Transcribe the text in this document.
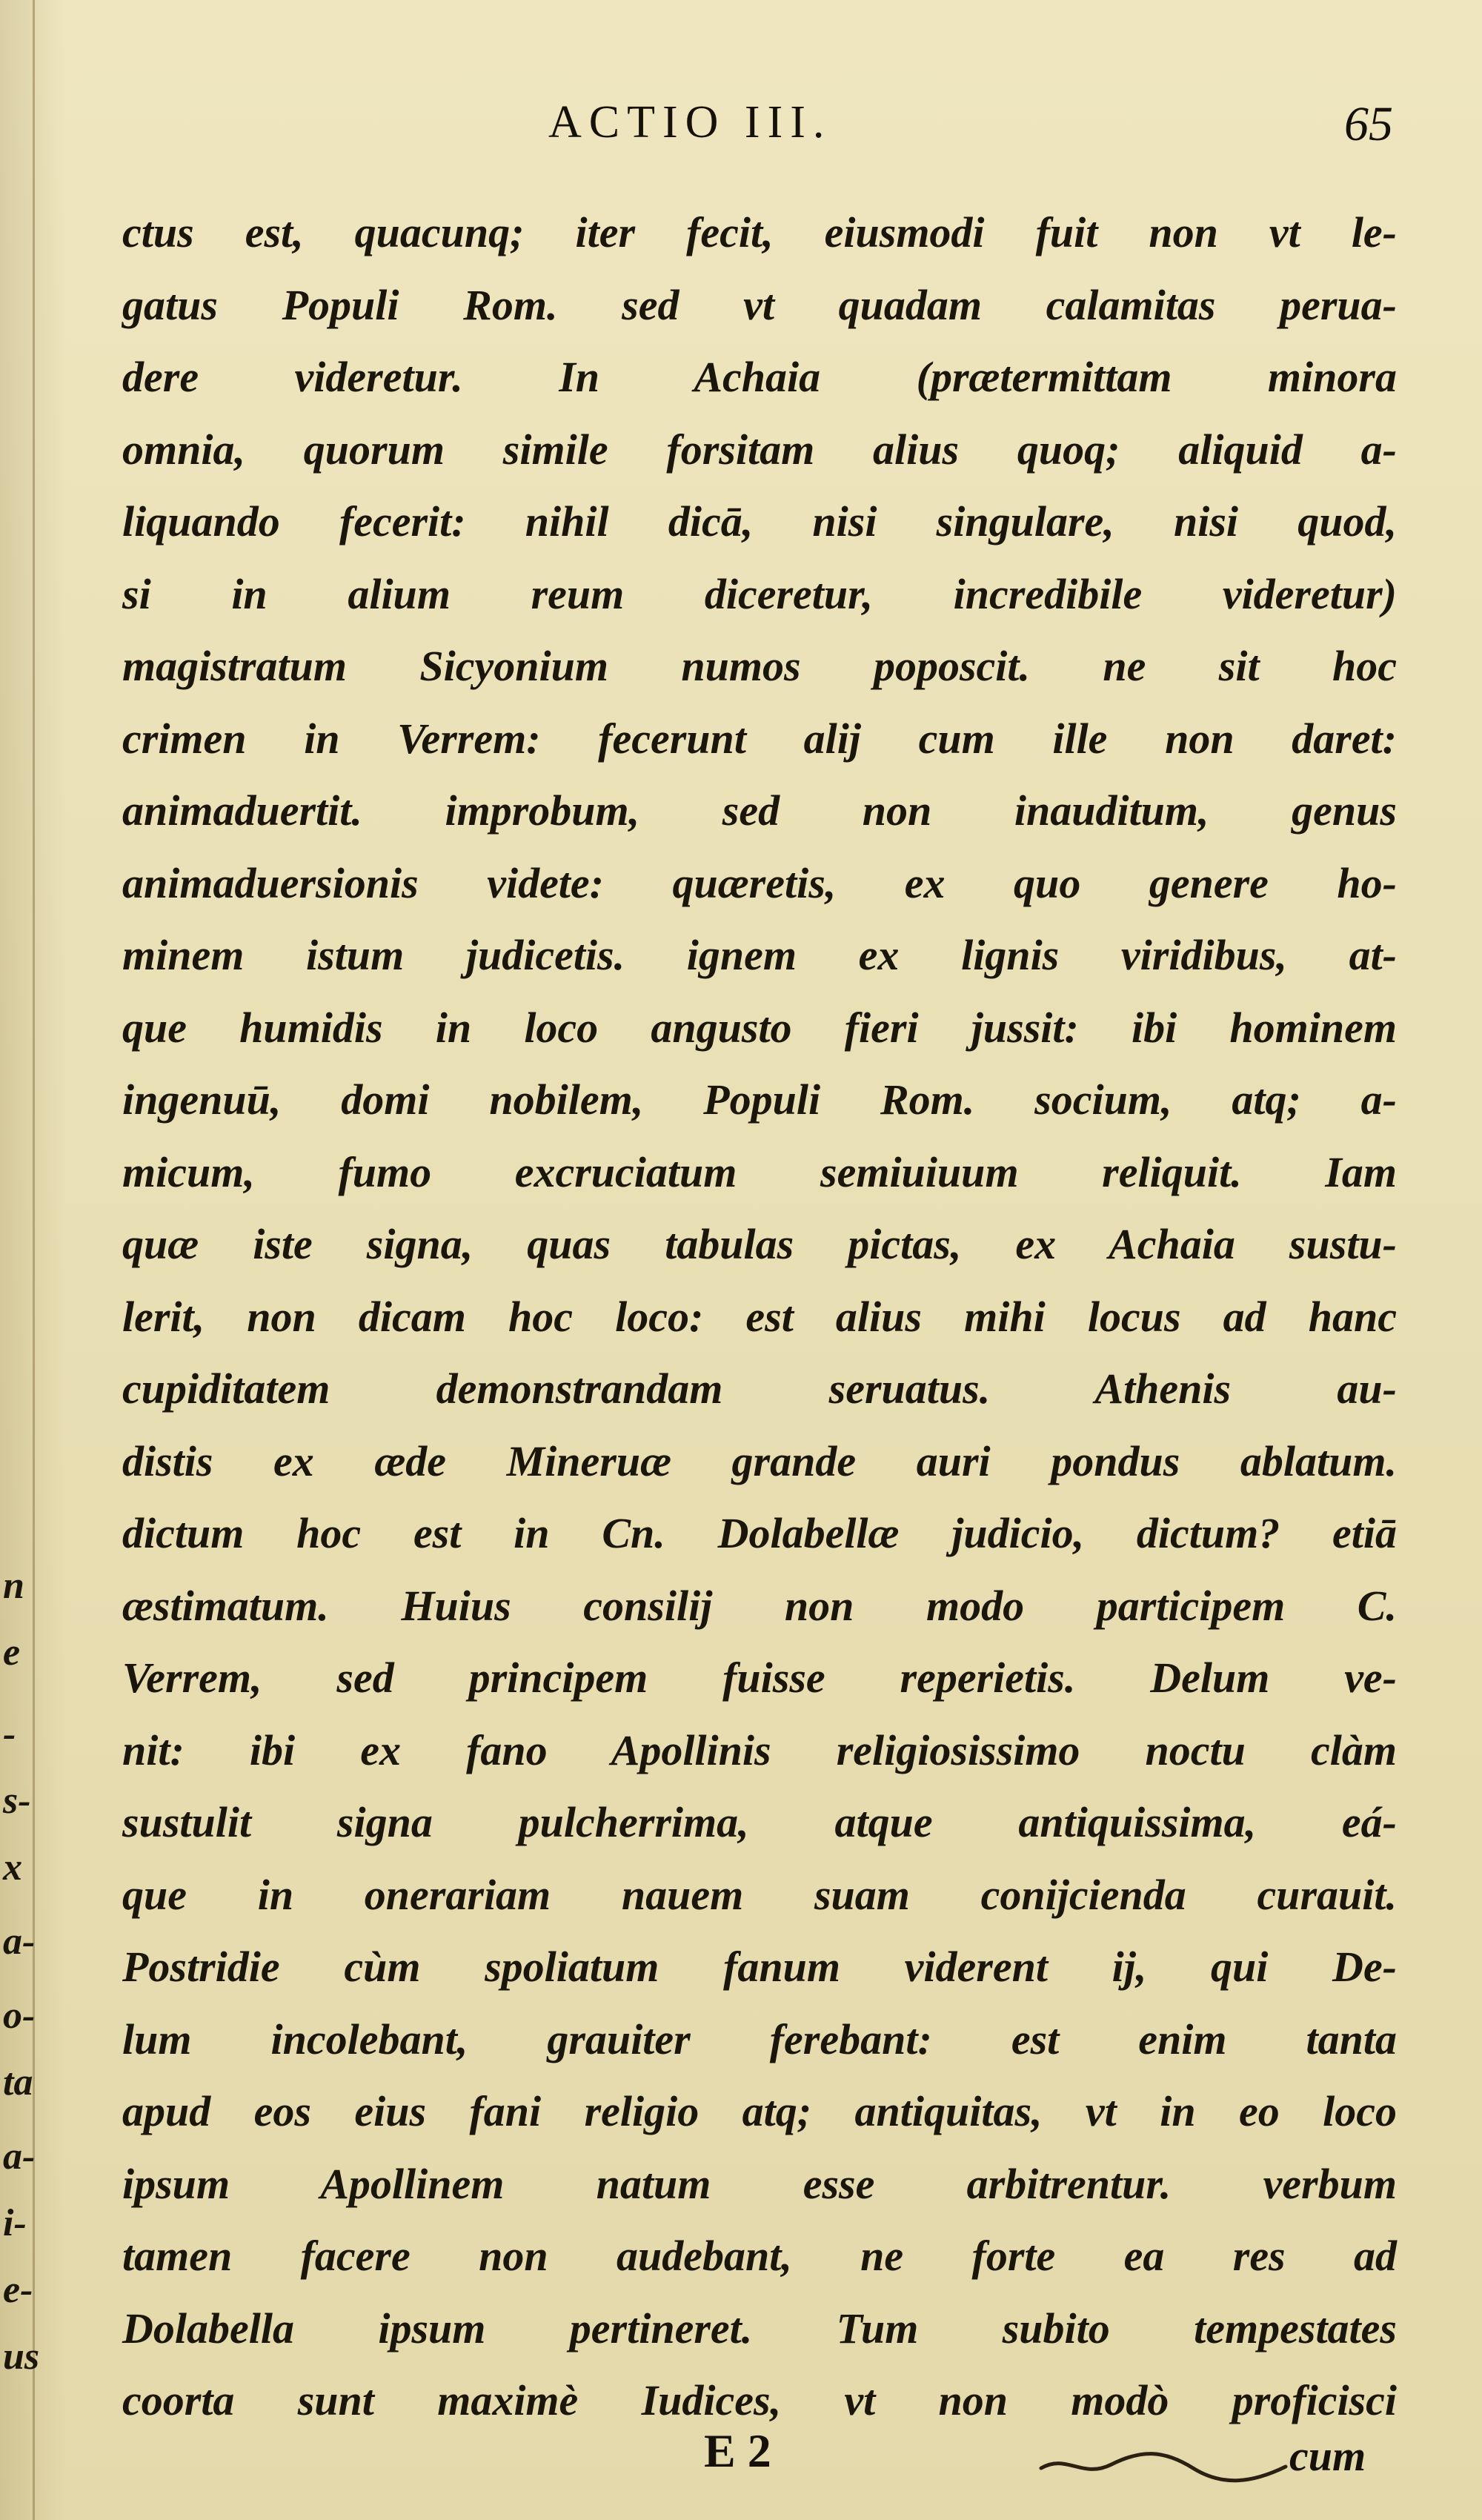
ACTIO III.	65
ctus est, quacunq; iter fecit, eiusmodi fuit non vt le-
gatus Populi Rom. sed vt quadam calamitas perua-
dere videretur. In Achaia (prætermittam minora
omnia, quorum simile forsitam alius quoq; aliquid a-
liquando fecerit: nihil dicā, nisi singulare, nisi quod,
si in alium reum diceretur, incredibile videretur)
magistratum Sicyonium numos poposcit. ne sit hoc
crimen in Verrem: fecerunt alij cum ille non daret:
animaduertit. improbum, sed non inauditum, genus
animaduersionis videte: quæretis, ex quo genere ho-
minem istum judicetis. ignem ex lignis viridibus, at-
que humidis in loco angusto fieri jussit: ibi hominem
ingenuū, domi nobilem, Populi Rom. socium, atq; a-
micum, fumo excruciatum semiuiuum reliquit. Iam
quæ iste signa, quas tabulas pictas, ex Achaia sustu-
lerit, non dicam hoc loco: est alius mihi locus ad hanc
cupiditatem demonstrandam seruatus. Athenis au-
distis ex æde Mineruæ grande auri pondus ablatum.
dictum hoc est in Cn. Dolabellæ judicio, dictum? etiā
æstimatum. Huius consilij non modo participem C.
Verrem, sed principem fuisse reperietis. Delum ve-
nit: ibi ex fano Apollinis religiosissimo noctu clàm
sustulit signa pulcherrima, atque antiquissima, eá-
que in onerariam nauem suam conijcienda curauit.
Postridie cùm spoliatum fanum viderent ij, qui De-
lum incolebant, grauiter ferebant: est enim tanta
apud eos eius fani religio atq; antiquitas, vt in eo loco
ipsum Apollinem natum esse arbitrentur. verbum
tamen facere non audebant, ne forte ea res ad
Dolabella ipsum pertineret. Tum subito tempestates
coorta sunt maximè Iudices, vt non modò proficisci
n
e
-
s-
x
a-
o-
ta
a-
i-
e-
us
E 2	cum
